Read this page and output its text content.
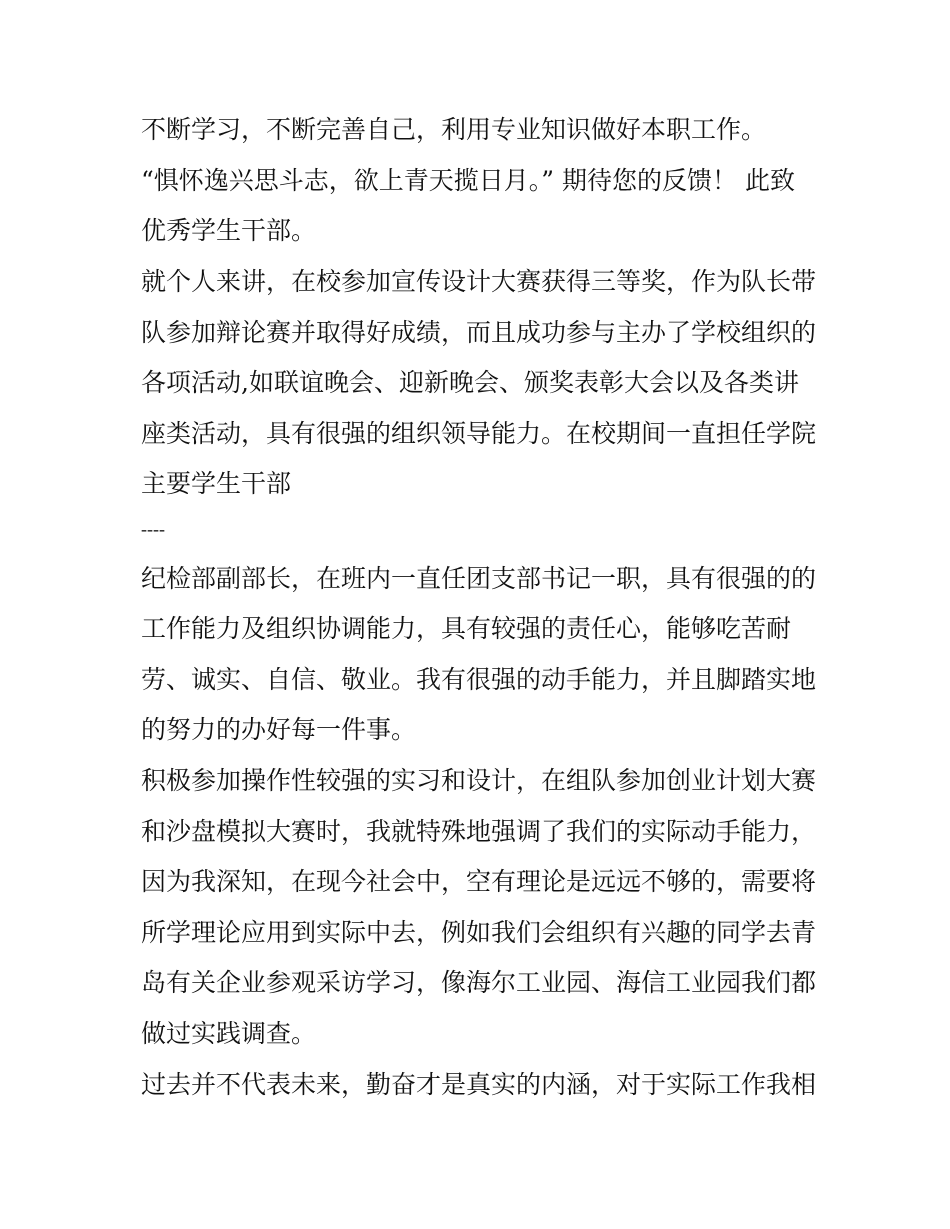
不断学习，不断完善自己，利用专业知识做好本职工作。
“惧怀逸兴思斗志，欲上青天揽日月。” 期待您的反馈！ 此致
优秀学生干部。
就个人来讲，在校参加宣传设计大赛获得三等奖，作为队长带
队参加辩论赛并取得好成绩，而且成功参与主办了学校组织的
各项活动,如联谊晚会、迎新晚会、颁奖表彰大会以及各类讲
座类活动，具有很强的组织领导能力。在校期间一直担任学院
主要学生干部
----
纪检部副部长，在班内一直任团支部书记一职，具有很强的的
工作能力及组织协调能力，具有较强的责任心，能够吃苦耐
劳、诚实、自信、敬业。我有很强的动手能力，并且脚踏实地
的努力的办好每一件事。
积极参加操作性较强的实习和设计，在组队参加创业计划大赛
和沙盘模拟大赛时，我就特殊地强调了我们的实际动手能力，
因为我深知，在现今社会中，空有理论是远远不够的，需要将
所学理论应用到实际中去，例如我们会组织有兴趣的同学去青
岛有关企业参观采访学习，像海尔工业园、海信工业园我们都
做过实践调查。
过去并不代表未来，勤奋才是真实的内涵，对于实际工作我相
